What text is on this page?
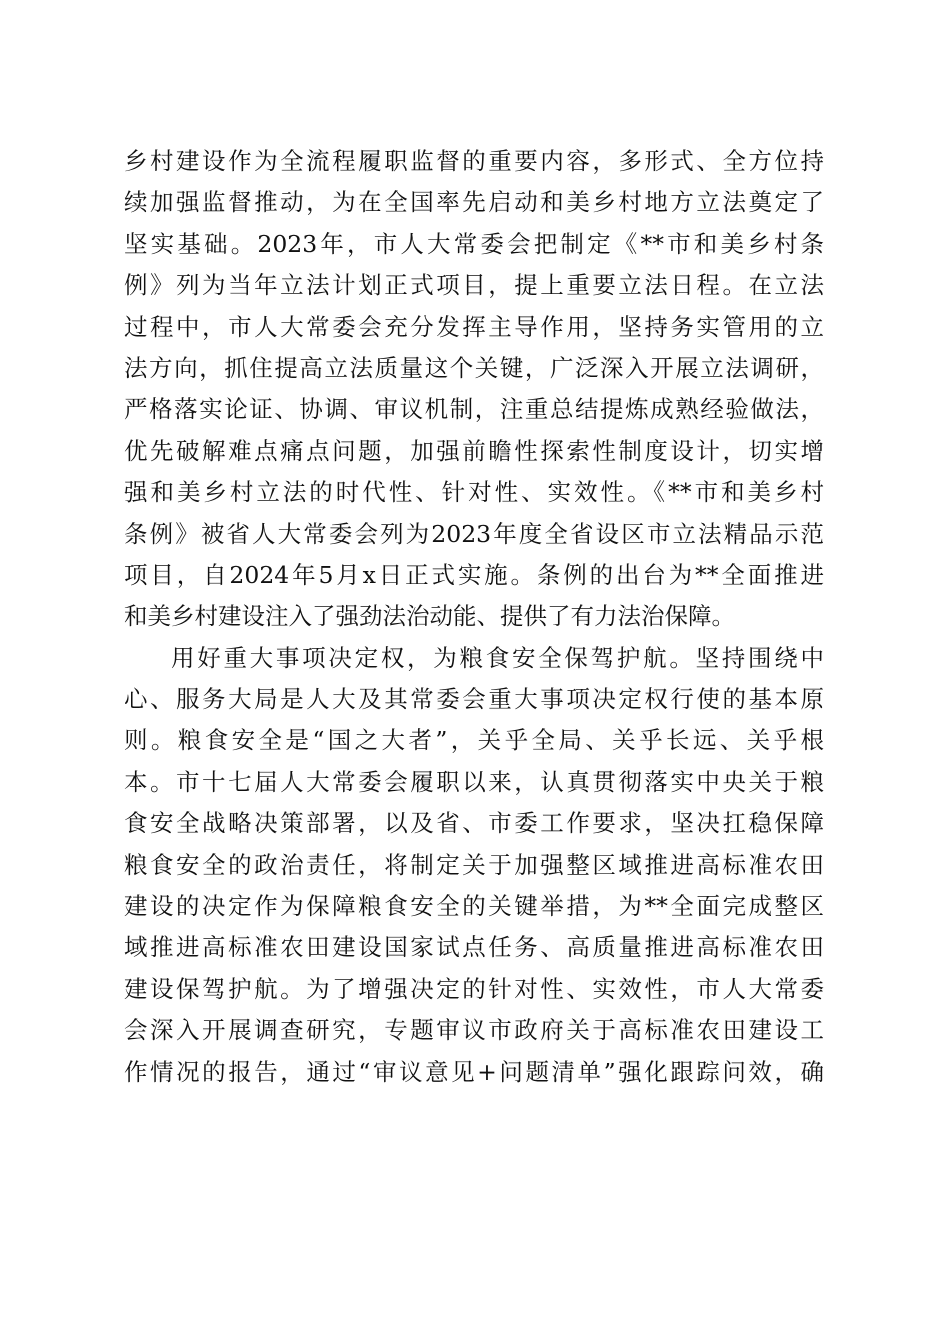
乡村建设作为全流程履职监督的重要内容，多形式、全方位持
续加强监督推动，为在全国率先启动和美乡村地方立法奠定了
坚实基础。2023年，市人大常委会把制定《**市和美乡村条
例》列为当年立法计划正式项目，提上重要立法日程。在立法
过程中，市人大常委会充分发挥主导作用，坚持务实管用的立
法方向，抓住提高立法质量这个关键，广泛深入开展立法调研，
严格落实论证、协调、审议机制，注重总结提炼成熟经验做法，
优先破解难点痛点问题，加强前瞻性探索性制度设计，切实增
强和美乡村立法的时代性、针对性、实效性。《**市和美乡村
条例》被省人大常委会列为2023年度全省设区市立法精品示范
项目，自2024年5月x日正式实施。条例的出台为**全面推进
和美乡村建设注入了强劲法治动能、提供了有力法治保障。
用好重大事项决定权，为粮食安全保驾护航。坚持围绕中
心、服务大局是人大及其常委会重大事项决定权行使的基本原
则。粮食安全是“国之大者”，关乎全局、关乎长远、关乎根
本。市十七届人大常委会履职以来，认真贯彻落实中央关于粮
食安全战略决策部署，以及省、市委工作要求，坚决扛稳保障
粮食安全的政治责任，将制定关于加强整区域推进高标准农田
建设的决定作为保障粮食安全的关键举措，为**全面完成整区
域推进高标准农田建设国家试点任务、高质量推进高标准农田
建设保驾护航。为了增强决定的针对性、实效性，市人大常委
会深入开展调查研究，专题审议市政府关于高标准农田建设工
作情况的报告，通过“审议意见+问题清单”强化跟踪问效，确
